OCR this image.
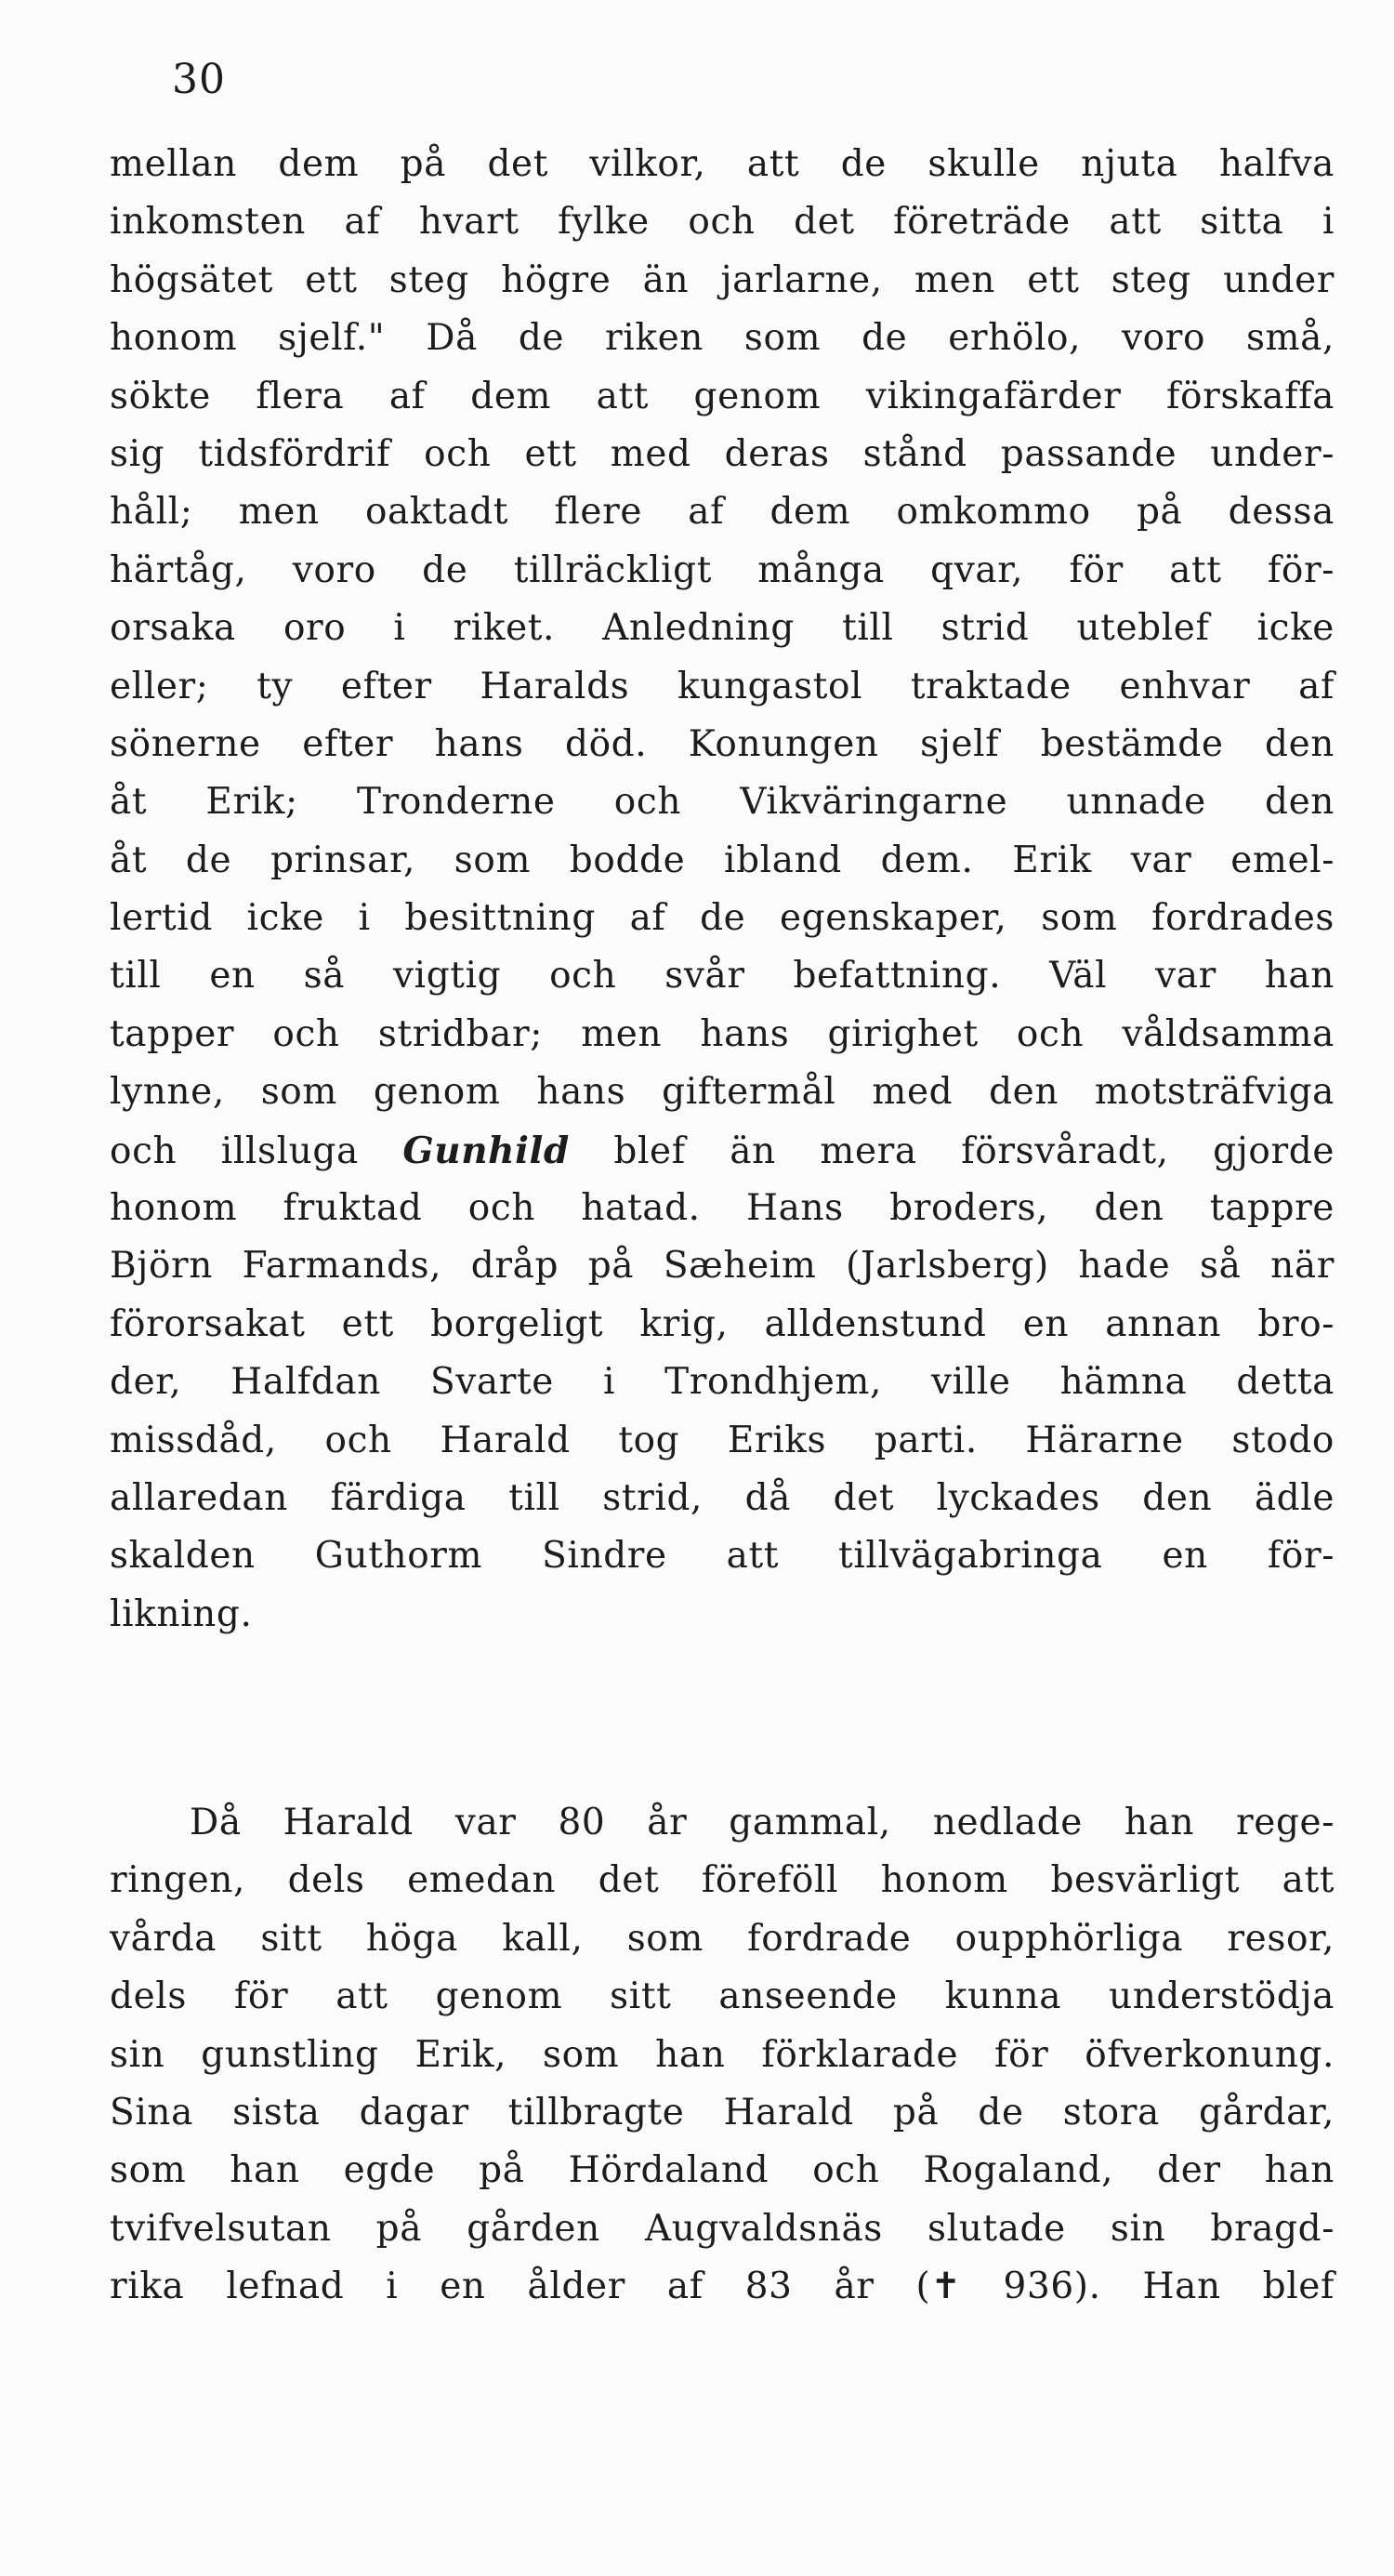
30
mellan dem på det vilkor, att de skulle njuta halfva
inkomsten af hvart fylke och det företräde att sitta i
högsätet ett steg högre än jarlarne, men ett steg under
honom sjelf." Då de riken som de erhölo, voro små,
sökte flera af dem att genom vikingafärder förskaffa
sig tidsfördrif och ett med deras stånd passande under-
håll; men oaktadt flere af dem omkommo på dessa
härtåg, voro de tillräckligt många qvar, för att för-
orsaka oro i riket. Anledning till strid uteblef icke
eller; ty efter Haralds kungastol traktade enhvar af
sönerne efter hans död. Konungen sjelf bestämde den
åt Erik; Tronderne och Vikväringarne unnade den
åt de prinsar, som bodde ibland dem. Erik var emel-
lertid icke i besittning af de egenskaper, som fordrades
till en så vigtig och svår befattning. Väl var han
tapper och stridbar; men hans girighet och våldsamma
lynne, som genom hans giftermål med den motsträfviga
och illsluga Gunhild blef än mera försvåradt, gjorde
honom fruktad och hatad. Hans broders, den tappre
Björn Farmands, dråp på Sæheim (Jarlsberg) hade så när
förorsakat ett borgeligt krig, alldenstund en annan bro-
der, Halfdan Svarte i Trondhjem, ville hämna detta
missdåd, och Harald tog Eriks parti. Härarne stodo
allaredan färdiga till strid, då det lyckades den ädle
skalden Guthorm Sindre att tillvägabringa en för-
likning.
Då Harald var 80 år gammal, nedlade han rege-
ringen, dels emedan det föreföll honom besvärligt att
vårda sitt höga kall, som fordrade oupphörliga resor,
dels för att genom sitt anseende kunna understödja
sin gunstling Erik, som han förklarade för öfverkonung.
Sina sista dagar tillbragte Harald på de stora gårdar,
som han egde på Hördaland och Rogaland, der han
tvifvelsutan på gården Augvaldsnäs slutade sin bragd-
rika lefnad i en ålder af 83 år (✝ 936). Han blef
